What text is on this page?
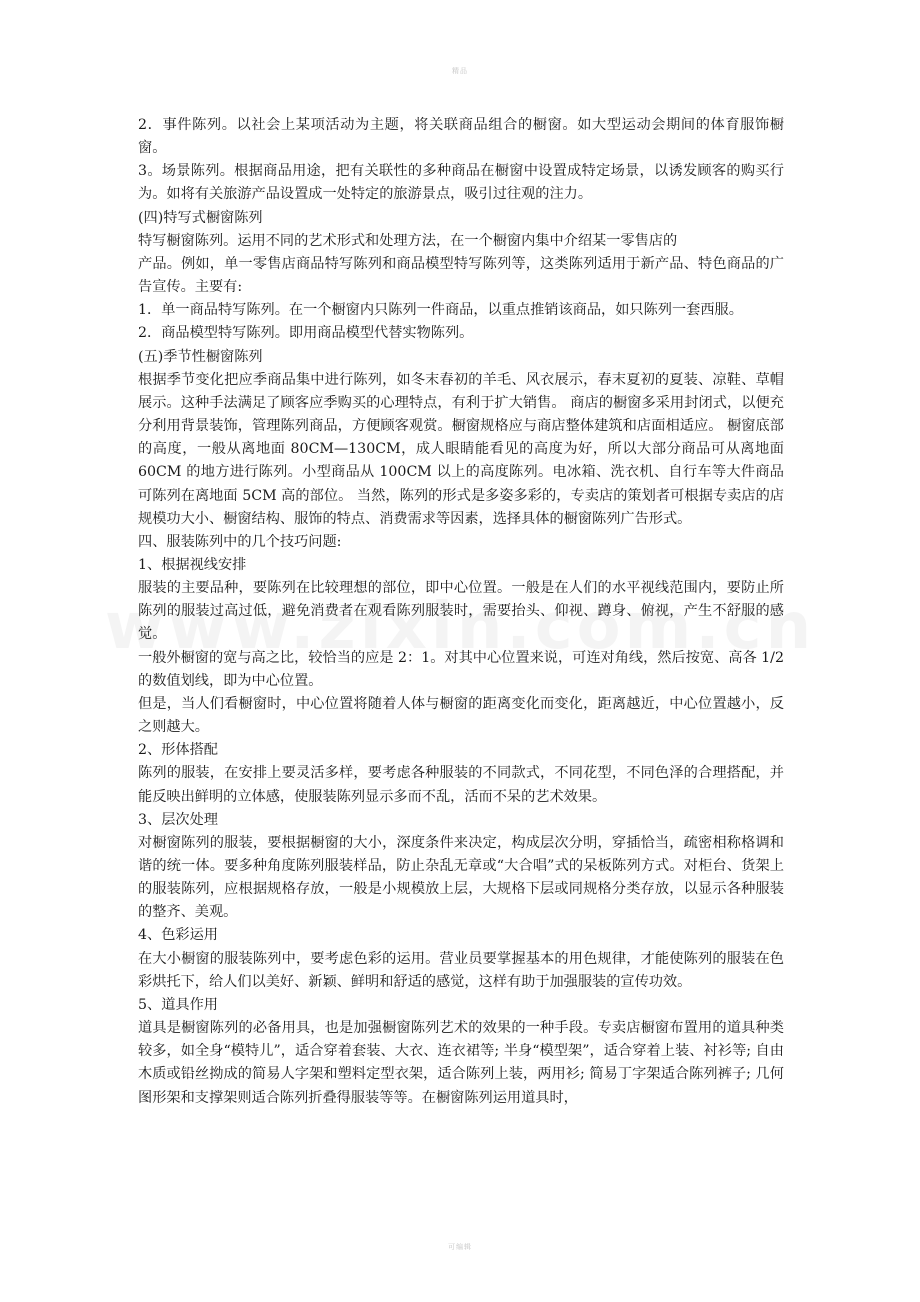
精品

2．事件陈列。以社会上某项活动为主题，将关联商品组合的橱窗。如大型运动会期间的体育服饰橱窗。

3。场景陈列。根据商品用途，把有关联性的多种商品在橱窗中设置成特定场景，以诱发顾客的购买行为。如将有关旅游产品设置成一处特定的旅游景点，吸引过往观的注力。

(四)特写式橱窗陈列

特写橱窗陈列。运用不同的艺术形式和处理方法，在一个橱窗内集中介绍某一零售店的

产品。例如，单一零售店商品特写陈列和商品模型特写陈列等，这类陈列适用于新产品、特色商品的广告宣传。主要有:

1．单一商品特写陈列。在一个橱窗内只陈列一件商品，以重点推销该商品，如只陈列一套西服。

2．商品模型特写陈列。即用商品模型代替实物陈列。

(五)季节性橱窗陈列

根据季节变化把应季商品集中进行陈列，如冬末春初的羊毛、风衣展示，春末夏初的夏装、凉鞋、草帽展示。这种手法满足了顾客应季购买的心理特点，有利于扩大销售。 商店的橱窗多采用封闭式，以便充分利用背景装饰，管理陈列商品，方便顾客观赏。橱窗规格应与商店整体建筑和店面相适应。 橱窗底部的高度，一般从离地面 80CM—130CM，成人眼睛能看见的高度为好，所以大部分商品可从离地面 60CM 的地方进行陈列。小型商品从 100CM 以上的高度陈列。电冰箱、洗衣机、自行车等大件商品可陈列在离地面 5CM 高的部位。 当然，陈列的形式是多姿多彩的，专卖店的策划者可根据专卖店的店规模功大小、橱窗结构、服饰的特点、消费需求等因素，选择具体的橱窗陈列广告形式。

四、服装陈列中的几个技巧问题:

1、根据视线安排

服装的主要品种，要陈列在比较理想的部位，即中心位置。一般是在人们的水平视线范围内，要防止所陈列的服装过高过低，避免消费者在观看陈列服装时，需要抬头、仰视、蹲身、俯视，产生不舒服的感觉。

一般外橱窗的宽与高之比，较恰当的应是 2：1。对其中心位置来说，可连对角线，然后按宽、高各 1/2 的数值划线，即为中心位置。

但是，当人们看橱窗时，中心位置将随着人体与橱窗的距离变化而变化，距离越近，中心位置越小，反之则越大。

2、形体搭配

陈列的服装，在安排上要灵活多样，要考虑各种服装的不同款式，不同花型，不同色泽的合理搭配，并能反映出鲜明的立体感，使服装陈列显示多而不乱，活而不呆的艺术效果。

3、层次处理

对橱窗陈列的服装，要根据橱窗的大小，深度条件来决定，构成层次分明，穿插恰当，疏密相称格调和谐的统一体。要多种角度陈列服装样品，防止杂乱无章或“大合唱”式的呆板陈列方式。对柜台、货架上的服装陈列，应根据规格存放，一般是小规模放上层，大规格下层或同规格分类存放，以显示各种服装的整齐、美观。

4、色彩运用

在大小橱窗的服装陈列中，要考虑色彩的运用。营业员要掌握基本的用色规律，才能使陈列的服装在色彩烘托下，给人们以美好、新颖、鲜明和舒适的感觉，这样有助于加强服装的宣传功效。

5、道具作用

道具是橱窗陈列的必备用具，也是加强橱窗陈列艺术的效果的一种手段。专卖店橱窗布置用的道具种类较多，如全身“模特儿”，适合穿着套装、大衣、连衣裙等; 半身“模型架”，适合穿着上装、衬衫等; 自由木质或铅丝拗成的简易人字架和塑料定型衣架，适合陈列上装，两用衫; 简易丁字架适合陈列裤子; 几何图形架和支撑架则适合陈列折叠得服装等等。在橱窗陈列运用道具时，

可编辑
